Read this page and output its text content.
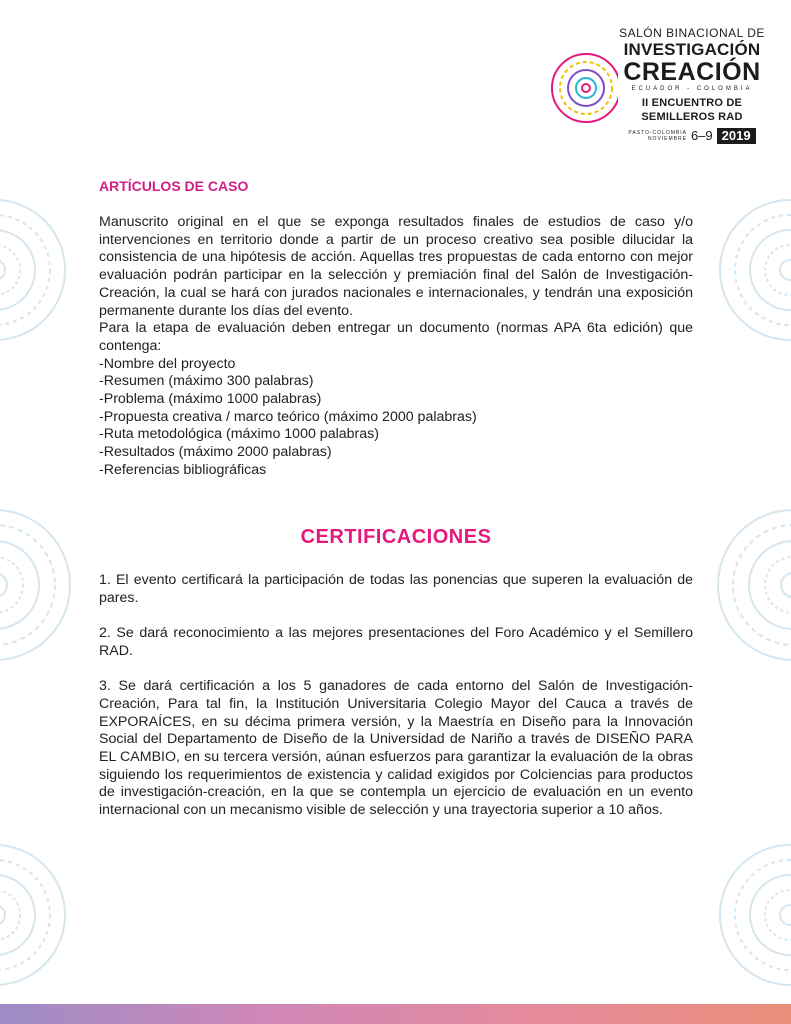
SALÓN BINACIONAL DE
INVESTIGACIÓN
CREACIÓN
ECUADOR - COLOMBIA
II ENCUENTRO DE SEMILLEROS RAD
PASTO-COLOMBIA
NOVIEMBRE 6–9 2019
ARTÍCULOS DE CASO

Manuscrito original en el que se exponga resultados finales de estudios de caso y/o intervenciones en territorio donde a partir de un proceso creativo sea posible dilucidar la consistencia de una hipótesis de acción. Aquellas tres propuestas de cada entorno con mejor evaluación podrán participar en la selección y premiación final del Salón de Investigación-Creación, la cual se hará con jurados nacionales e internacionales, y tendrán una exposición permanente durante los días del evento.

Para la etapa de evaluación deben entregar un documento (normas APA 6ta edición) que contenga:

-Nombre del proyecto

-Resumen (máximo 300 palabras)

-Problema (máximo 1000 palabras)

-Propuesta creativa / marco teórico (máximo 2000 palabras)

-Ruta metodológica (máximo 1000 palabras)

-Resultados (máximo 2000 palabras)

-Referencias bibliográficas

CERTIFICACIONES

1. El evento certificará la participación de todas las ponencias que superen la evaluación de pares.

2. Se dará reconocimiento a las mejores presentaciones del Foro Académico y el Semillero RAD.

3. Se dará certificación a los 5 ganadores de cada entorno del Salón de Investigación-Creación, Para tal fin, la Institución Universitaria Colegio Mayor del Cauca a través de EXPORAÍCES, en su décima primera versión, y la Maestría en Diseño para la Innovación Social del Departamento de Diseño de la Universidad de Nariño a través de DISEÑO PARA EL CAMBIO, en su tercera versión, aúnan esfuerzos para garantizar la evaluación de la obras siguiendo los requerimientos de existencia y calidad exigidos por Colciencias para productos de investigación-creación, en la que se contempla un ejercicio de evaluación en un evento internacional con un mecanismo visible de selección y una trayectoria superior a 10 años.
